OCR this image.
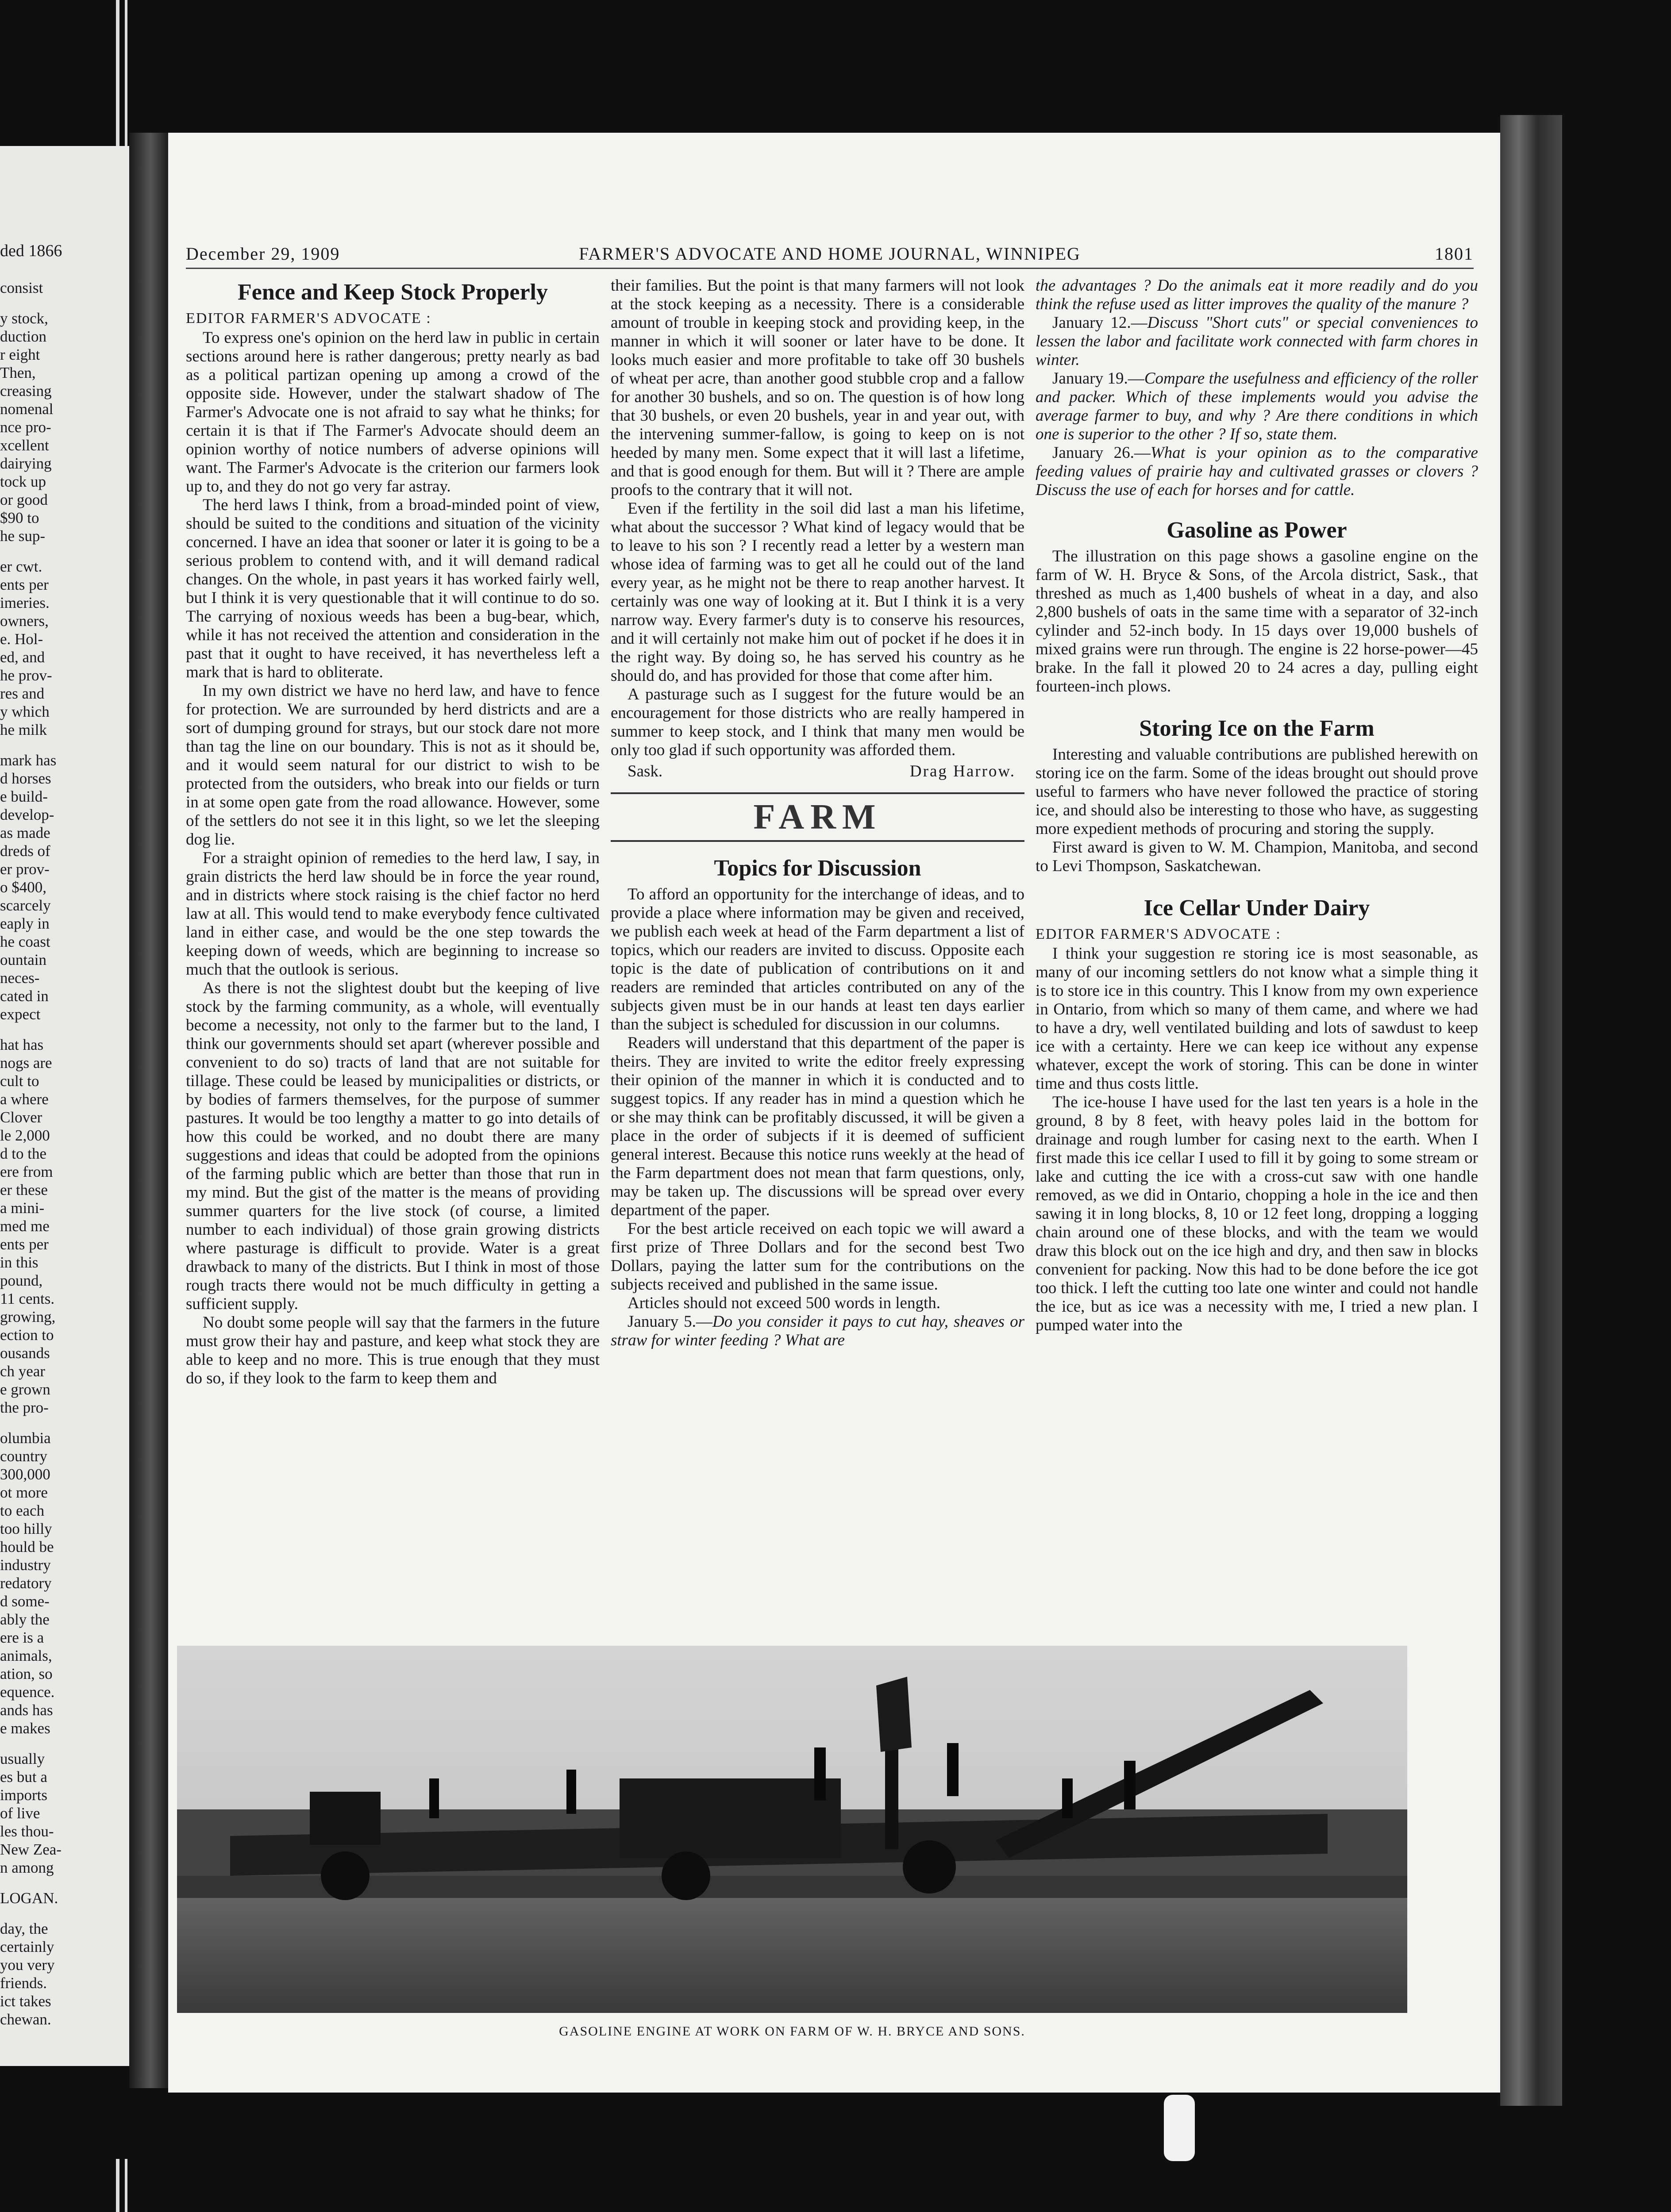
ded 1866
consist
y stock,
duction
r eight
Then,
creasing
nomenal
nce pro-
xcellent
dairying
tock up
or good
$90 to
he sup-
er cwt.
ents per
imeries.
owners,
e. Hol-
ed, and
he prov-
res and
y which
he milk
mark has
d horses
e build-
develop-
as made
dreds of
er prov-
o $400,
scarcely
eaply in
he coast
ountain
neces-
cated in
expect
hat has
nogs are
cult to
a where
Clover
le 2,000
d to the
ere from
er these
a mini-
med me
ents per
in this
pound,
11 cents.
growing,
ection to
ousands
ch year
e grown
the pro-
olumbia
country
300,000
ot more
to each
too hilly
hould be
industry
redatory
d some-
ably the
ere is a
animals,
ation, so
equence.
ands has
e makes
usually
es but a
imports
of live
les thou-
New Zea-
n among
LOGAN.
day, the
certainly
you very
friends.
ict takes
chewan.
December 29, 1909	FARMER'S ADVOCATE AND HOME JOURNAL, WINNIPEG	1801
Fence and Keep Stock Properly
EDITOR FARMER'S ADVOCATE :

To express one's opinion on the herd law in public in certain sections around here is rather dangerous; pretty nearly as bad as a political partizan opening up among a crowd of the opposite side. However, under the stalwart shadow of The Farmer's Advocate one is not afraid to say what he thinks; for certain it is that if The Farmer's Advocate should deem an opinion worthy of notice numbers of adverse opinions will want. The Farmer's Advocate is the criterion our farmers look up to, and they do not go very far astray.

The herd laws I think, from a broad-minded point of view, should be suited to the conditions and situation of the vicinity concerned. I have an idea that sooner or later it is going to be a serious problem to contend with, and it will demand radical changes. On the whole, in past years it has worked fairly well, but I think it is very questionable that it will continue to do so. The carrying of noxious weeds has been a bug-bear, which, while it has not received the attention and consideration in the past that it ought to have received, it has nevertheless left a mark that is hard to obliterate.

In my own district we have no herd law, and have to fence for protection. We are surrounded by herd districts and are a sort of dumping ground for strays, but our stock dare not more than tag the line on our boundary. This is not as it should be, and it would seem natural for our district to wish to be protected from the outsiders, who break into our fields or turn in at some open gate from the road allowance. However, some of the settlers do not see it in this light, so we let the sleeping dog lie.

For a straight opinion of remedies to the herd law, I say, in grain districts the herd law should be in force the year round, and in districts where stock raising is the chief factor no herd law at all. This would tend to make everybody fence cultivated land in either case, and would be the one step towards the keeping down of weeds, which are beginning to increase so much that the outlook is serious.

As there is not the slightest doubt but the keeping of live stock by the farming community, as a whole, will eventually become a necessity, not only to the farmer but to the land, I think our governments should set apart (wherever possible and convenient to do so) tracts of land that are not suitable for tillage. These could be leased by municipalities or districts, or by bodies of farmers themselves, for the purpose of summer pastures. It would be too lengthy a matter to go into details of how this could be worked, and no doubt there are many suggestions and ideas that could be adopted from the opinions of the farming public which are better than those that run in my mind. But the gist of the matter is the means of providing summer quarters for the live stock (of course, a limited number to each individual) of those grain growing districts where pasturage is difficult to provide. Water is a great drawback to many of the districts. But I think in most of those rough tracts there would not be much difficulty in getting a sufficient supply.

No doubt some people will say that the farmers in the future must grow their hay and pasture, and keep what stock they are able to keep and no more. This is true enough that they must do so, if they look to the farm to keep them and

their families. But the point is that many farmers will not look at the stock keeping as a necessity. There is a considerable amount of trouble in keeping stock and providing keep, in the manner in which it will sooner or later have to be done. It looks much easier and more profitable to take off 30 bushels of wheat per acre, than another good stubble crop and a fallow for another 30 bushels, and so on. The question is of how long that 30 bushels, or even 20 bushels, year in and year out, with the intervening summer-fallow, is going to keep on is not heeded by many men. Some expect that it will last a lifetime, and that is good enough for them. But will it ? There are ample proofs to the contrary that it will not.

Even if the fertility in the soil did last a man his lifetime, what about the successor ? What kind of legacy would that be to leave to his son ? I recently read a letter by a western man whose idea of farming was to get all he could out of the land every year, as he might not be there to reap another harvest. It certainly was one way of looking at it. But I think it is a very narrow way. Every farmer's duty is to conserve his resources, and it will certainly not make him out of pocket if he does it in the right way. By doing so, he has served his country as he should do, and has provided for those that come after him.

A pasturage such as I suggest for the future would be an encouragement for those districts who are really hampered in summer to keep stock, and I think that many men would be only too glad if such opportunity was afforded them.

Sask.	Drag Harrow.
FARM
Topics for Discussion

To afford an opportunity for the interchange of ideas, and to provide a place where information may be given and received, we publish each week at head of the Farm department a list of topics, which our readers are invited to discuss. Opposite each topic is the date of publication of contributions on it and readers are reminded that articles contributed on any of the subjects given must be in our hands at least ten days earlier than the subject is scheduled for discussion in our columns.

Readers will understand that this department of the paper is theirs. They are invited to write the editor freely expressing their opinion of the manner in which it is conducted and to suggest topics. If any reader has in mind a question which he or she may think can be profitably discussed, it will be given a place in the order of subjects if it is deemed of sufficient general interest. Because this notice runs weekly at the head of the Farm department does not mean that farm questions, only, may be taken up. The discussions will be spread over every department of the paper.

For the best article received on each topic we will award a first prize of Three Dollars and for the second best Two Dollars, paying the latter sum for the contributions on the subjects received and published in the same issue.

Articles should not exceed 500 words in length.

January 5.—Do you consider it pays to cut hay, sheaves or straw for winter feeding ? What are

the advantages ? Do the animals eat it more readily and do you think the refuse used as litter improves the quality of the manure ?

January 12.—Discuss "Short cuts" or special conveniences to lessen the labor and facilitate work connected with farm chores in winter.

January 19.—Compare the usefulness and efficiency of the roller and packer. Which of these implements would you advise the average farmer to buy, and why ? Are there conditions in which one is superior to the other ? If so, state them.

January 26.—What is your opinion as to the comparative feeding values of prairie hay and cultivated grasses or clovers ? Discuss the use of each for horses and for cattle.

Gasoline as Power

The illustration on this page shows a gasoline engine on the farm of W. H. Bryce & Sons, of the Arcola district, Sask., that threshed as much as 1,400 bushels of wheat in a day, and also 2,800 bushels of oats in the same time with a separator of 32-inch cylinder and 52-inch body. In 15 days over 19,000 bushels of mixed grains were run through. The engine is 22 horse-power—45 brake. In the fall it plowed 20 to 24 acres a day, pulling eight fourteen-inch plows.

Storing Ice on the Farm

Interesting and valuable contributions are published herewith on storing ice on the farm. Some of the ideas brought out should prove useful to farmers who have never followed the practice of storing ice, and should also be interesting to those who have, as suggesting more expedient methods of procuring and storing the supply.

First award is given to W. M. Champion, Manitoba, and second to Levi Thompson, Saskatchewan.

Ice Cellar Under Dairy
EDITOR FARMER'S ADVOCATE :

I think your suggestion re storing ice is most seasonable, as many of our incoming settlers do not know what a simple thing it is to store ice in this country. This I know from my own experience in Ontario, from which so many of them came, and where we had to have a dry, well ventilated building and lots of sawdust to keep ice with a certainty. Here we can keep ice without any expense whatever, except the work of storing. This can be done in winter time and thus costs little.

The ice-house I have used for the last ten years is a hole in the ground, 8 by 8 feet, with heavy poles laid in the bottom for drainage and rough lumber for casing next to the earth. When I first made this ice cellar I used to fill it by going to some stream or lake and cutting the ice with a cross-cut saw with one handle removed, as we did in Ontario, chopping a hole in the ice and then sawing it in long blocks, 8, 10 or 12 feet long, dropping a logging chain around one of these blocks, and with the team we would draw this block out on the ice high and dry, and then saw in blocks convenient for packing. Now this had to be done before the ice got too thick. I left the cutting too late one winter and could not handle the ice, but as ice was a necessity with me, I tried a new plan. I pumped water into the

GASOLINE ENGINE AT WORK ON FARM OF W. H. BRYCE AND SONS.
